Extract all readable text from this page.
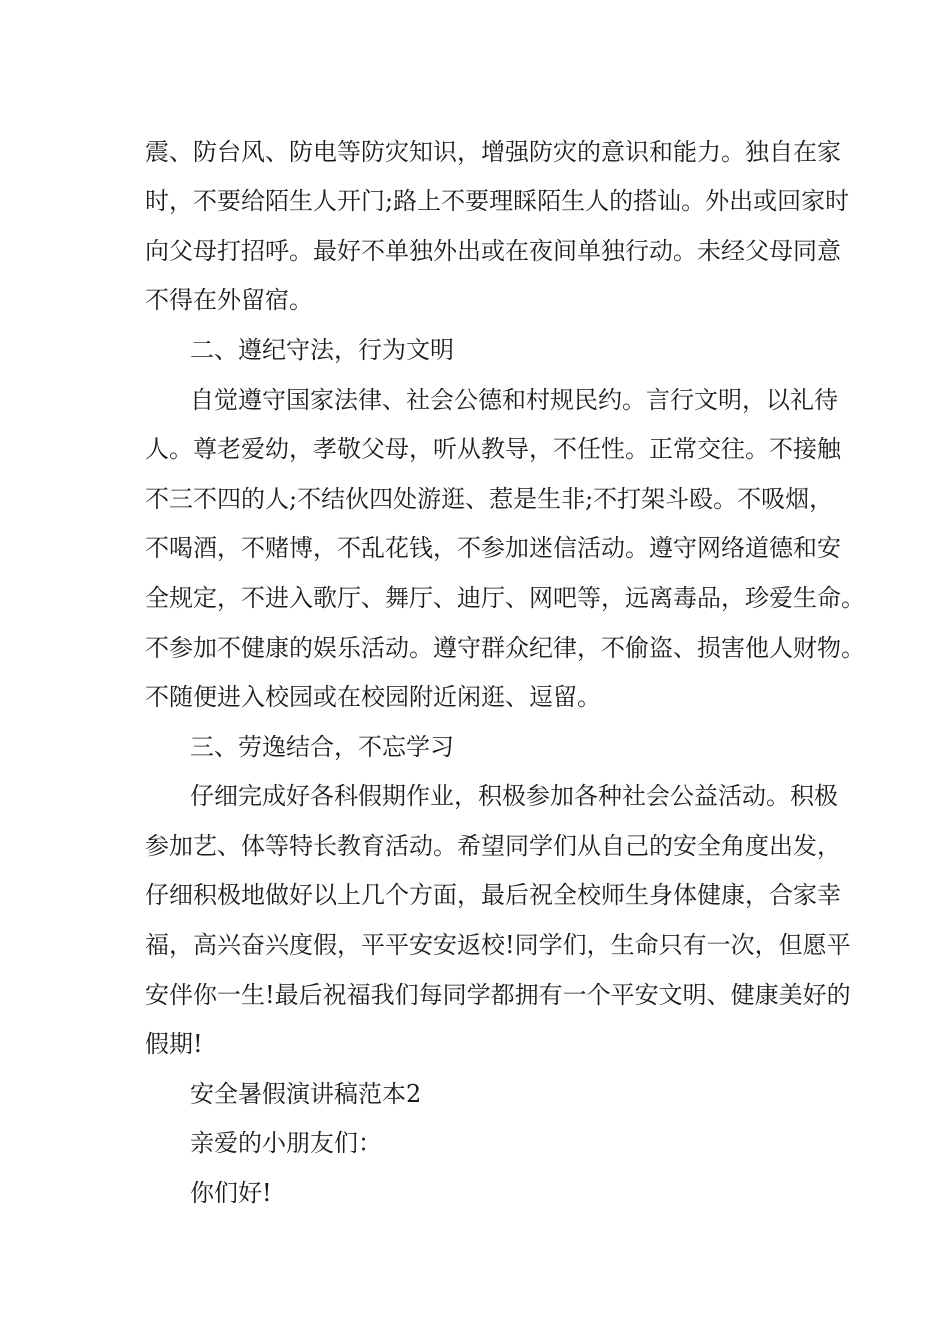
震、防台风、防电等防灾知识，增强防灾的意识和能力。独自在家
时，不要给陌生人开门;路上不要理睬陌生人的搭讪。外出或回家时
向父母打招呼。最好不单独外出或在夜间单独行动。未经父母同意
不得在外留宿。
二、遵纪守法，行为文明
自觉遵守国家法律、社会公德和村规民约。言行文明，以礼待
人。尊老爱幼，孝敬父母，听从教导，不任性。正常交往。不接触
不三不四的人;不结伙四处游逛、惹是生非;不打架斗殴。不吸烟，
不喝酒，不赌博，不乱花钱，不参加迷信活动。遵守网络道德和安
全规定，不进入歌厅、舞厅、迪厅、网吧等，远离毒品，珍爱生命。
不参加不健康的娱乐活动。遵守群众纪律，不偷盗、损害他人财物。
不随便进入校园或在校园附近闲逛、逗留。
三、劳逸结合，不忘学习
仔细完成好各科假期作业，积极参加各种社会公益活动。积极
参加艺、体等特长教育活动。希望同学们从自己的安全角度出发，
仔细积极地做好以上几个方面，最后祝全校师生身体健康，合家幸
福，高兴奋兴度假，平平安安返校!同学们，生命只有一次，但愿平
安伴你一生!最后祝福我们每同学都拥有一个平安文明、健康美好的
假期!
安全暑假演讲稿范本2
亲爱的小朋友们：
你们好!
